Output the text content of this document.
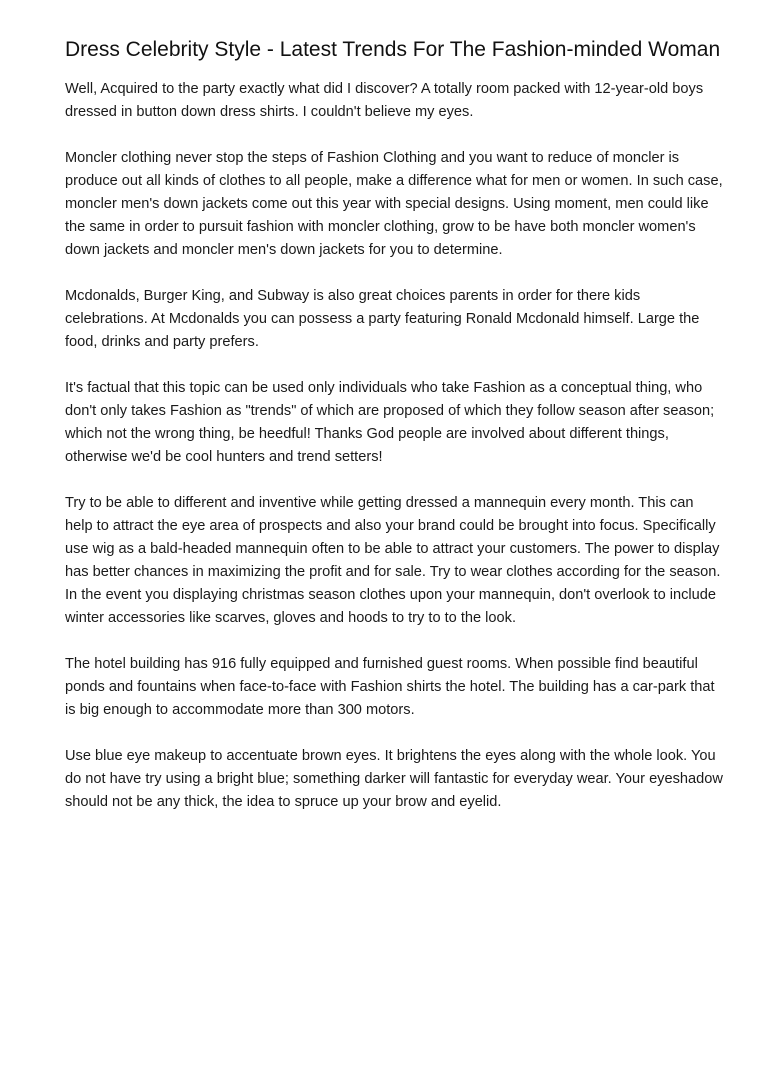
Dress Celebrity Style - Latest Trends For The Fashion-minded Woman

Well, Acquired to the party exactly what did I discover? A totally room packed with 12-year-old boys dressed in button down dress shirts. I couldn't believe my eyes.

Moncler clothing never stop the steps of Fashion Clothing and you want to reduce of moncler is produce out all kinds of clothes to all people, make a difference what for men or women. In such case, moncler men's down jackets come out this year with special designs. Using moment, men could like the same in order to pursuit fashion with moncler clothing, grow to be have both moncler women's down jackets and moncler men's down jackets for you to determine.

Mcdonalds, Burger King, and Subway is also great choices parents in order for there kids celebrations. At Mcdonalds you can possess a party featuring Ronald Mcdonald himself. Large the food, drinks and party prefers.

It's factual that this topic can be used only individuals who take Fashion as a conceptual thing, who don't only takes Fashion as "trends" of which are proposed of which they follow season after season; which not the wrong thing, be heedful! Thanks God people are involved about different things, otherwise we'd be cool hunters and trend setters!

Try to be able to different and inventive while getting dressed a mannequin every month. This can help to attract the eye area of prospects and also your brand could be brought into focus. Specifically use wig as a bald-headed mannequin often to be able to attract your customers. The power to display has better chances in maximizing the profit and for sale. Try to wear clothes according for the season. In the event you displaying christmas season clothes upon your mannequin, don't overlook to include winter accessories like scarves, gloves and hoods to try to to the look.

The hotel building has 916 fully equipped and furnished guest rooms. When possible find beautiful ponds and fountains when face-to-face with Fashion shirts the hotel. The building has a car-park that is big enough to accommodate more than 300 motors.

Use blue eye makeup to accentuate brown eyes. It brightens the eyes along with the whole look. You do not have try using a bright blue; something darker will fantastic for everyday wear. Your eyeshadow should not be any thick, the idea to spruce up your brow and eyelid.
